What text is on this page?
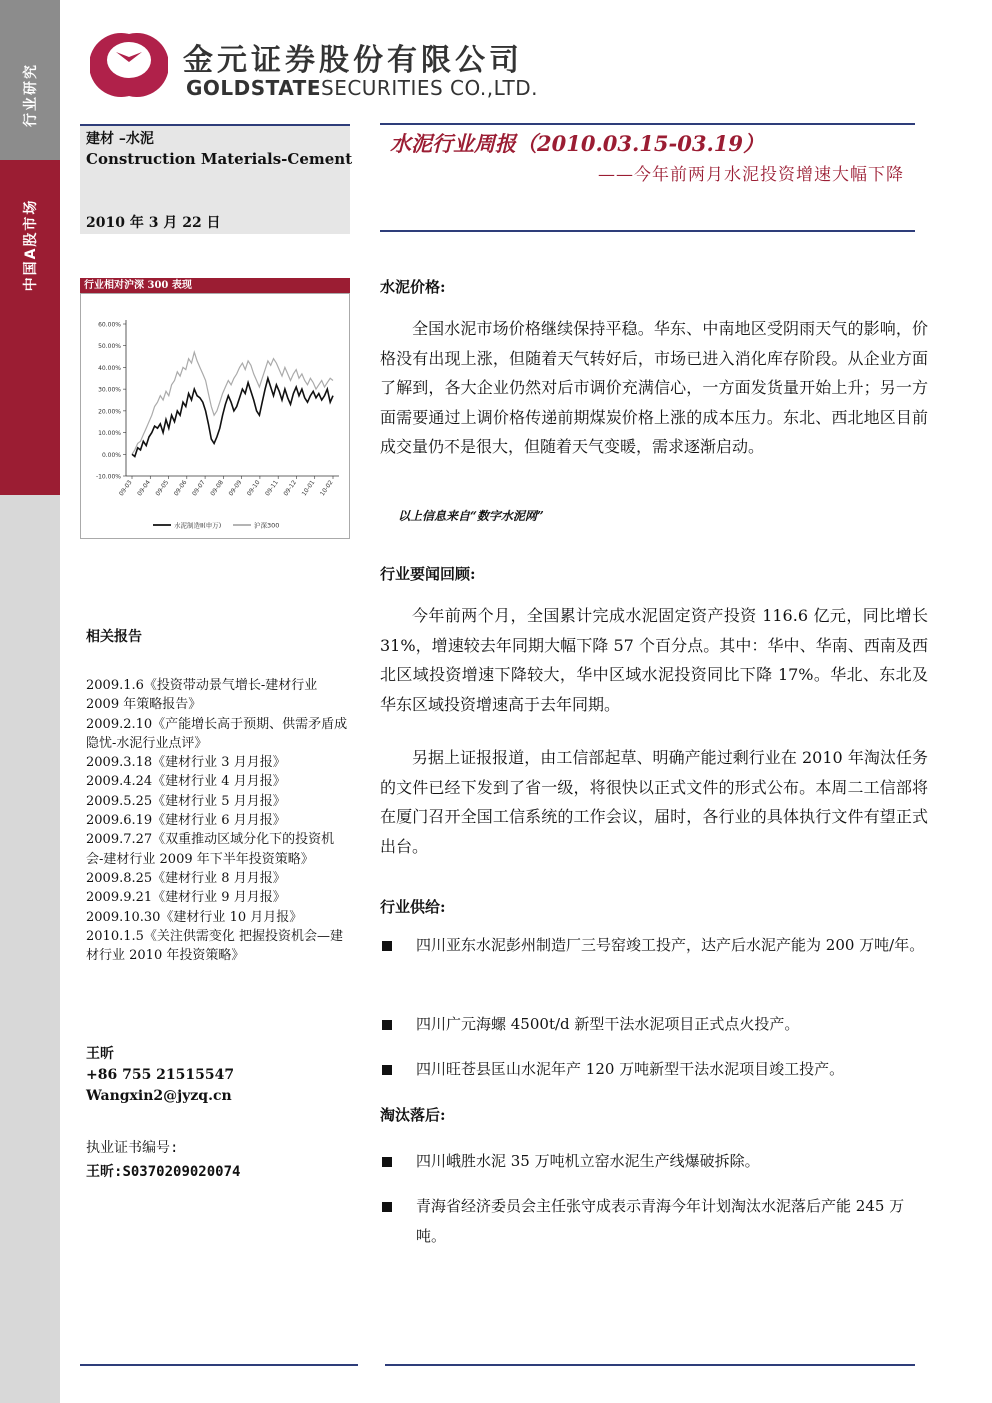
行业研究
中国A股市场
金元证券股份有限公司
GOLDSTATESECURITIES CO.,LTD.
建材 –水泥
Construction Materials-Cement
2010 年 3 月 22 日
水泥行业周报（2010.03.15-03.19）
——今年前两月水泥投资增速大幅下降
行业相对沪深 300 表现
60.00%
50.00%
40.00%
30.00%
20.00%
10.00%
0.00%
-10.00%
09-03 09-04 09-05 09-06 09-07 09-08 09-09 09-10 09-11 09-12 10-01 10-02
水泥制造Ⅱ(申万)	沪深300
相关报告
2009.1.6《投资带动景气增长-建材行业2009 年策略报告》
2009.2.10《产能增长高于预期、供需矛盾成隐忧-水泥行业点评》
2009.3.18《建材行业 3 月月报》
2009.4.24《建材行业 4 月月报》
2009.5.25《建材行业 5 月月报》
2009.6.19《建材行业 6 月月报》
2009.7.27《双重推动区域分化下的投资机会-建材行业 2009 年下半年投资策略》
2009.8.25《建材行业 8 月月报》
2009.9.21《建材行业 9 月月报》
2009.10.30《建材行业 10 月月报》
2010.1.5《关注供需变化 把握投资机会—建材行业 2010 年投资策略》
王昕
+86 755 21515547
Wangxin2@jyzq.cn
执业证书编号:
王昕:S0370209020074
水泥价格:
全国水泥市场价格继续保持平稳。华东、中南地区受阴雨天气的影响，价格没有出现上涨，但随着天气转好后，市场已进入消化库存阶段。从企业方面了解到，各大企业仍然对后市调价充满信心，一方面发货量开始上升；另一方面需要通过上调价格传递前期煤炭价格上涨的成本压力。东北、西北地区目前成交量仍不是很大，但随着天气变暖，需求逐渐启动。
以上信息来自“数字水泥网”
行业要闻回顾:
今年前两个月，全国累计完成水泥固定资产投资 116.6 亿元，同比增长 31%，增速较去年同期大幅下降 57 个百分点。其中：华中、华南、西南及西北区域投资增速下降较大，华中区域水泥投资同比下降 17%。华北、东北及华东区域投资增速高于去年同期。
另据上证报报道，由工信部起草、明确产能过剩行业在 2010 年淘汰任务的文件已经下发到了省一级，将很快以正式文件的形式公布。本周二工信部将在厦门召开全国工信系统的工作会议，届时，各行业的具体执行文件有望正式出台。
行业供给:
四川亚东水泥彭州制造厂三号窑竣工投产，达产后水泥产能为 200 万吨/年。
四川广元海螺 4500t/d 新型干法水泥项目正式点火投产。
四川旺苍县匡山水泥年产 120 万吨新型干法水泥项目竣工投产。
淘汰落后:
四川峨胜水泥 35 万吨机立窑水泥生产线爆破拆除。
青海省经济委员会主任张守成表示青海今年计划淘汰水泥落后产能 245 万吨。
